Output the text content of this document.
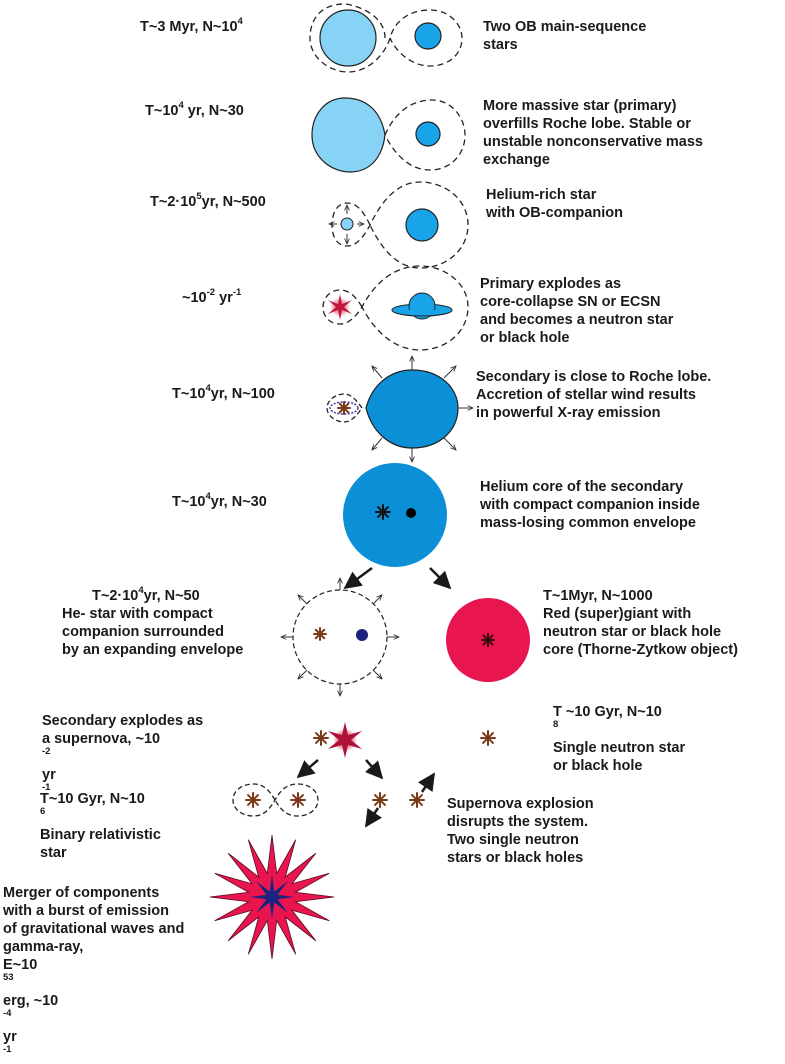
T~3 Myr, $N\sim 10^4$	Two OB main-sequence
stars
$T\sim 10^4$ yr, N~30	More massive star (primary)
overfills Roche lobe. Stable or
unstable nonconservative mass
exchange
$T\sim 2\cdot 10^5yr$, N~500	Helium-rich star
with OB-companion
$\sim 10^{-2}$ $yr^{-1}$
Primary explodes as
core-collapse SN or ECSN
and becomes a neutron star
or black hole
$T\sim 10^4yr$, N~100
Secondary is close to Roche lobe.
Accretion of stellar wind results
in powerful X-ray emission
$T\sim 10^4yr$, N~30
Helium core of the secondary
with compact companion inside
mass-losing common envelope
$T\sim 2\cdot 10^4yr$, N~50
He- star with compact
companion surrounded
by an expanding envelope
T~1Myr, N~1000
Red (super)giant with
neutron star or black hole
core (Thorne-Zytkow object)
Secondary explodes as
a supernova, ~10
$^{-2}$
yr
$^{-1}$
T ~10 Gyr, N~10
$^8$
Single neutron star
or black hole
T~10 Gyr, N~10
$^6$
Binary relativistic
star
Supernova explosion
disrupts the system.
Two single neutron
stars or black holes
Merger of components
with a burst of emission
of gravitational waves and
gamma-ray,
E~10
$^{53}$
erg, ~10
$^{-4}$
yr
$^{-1}$
